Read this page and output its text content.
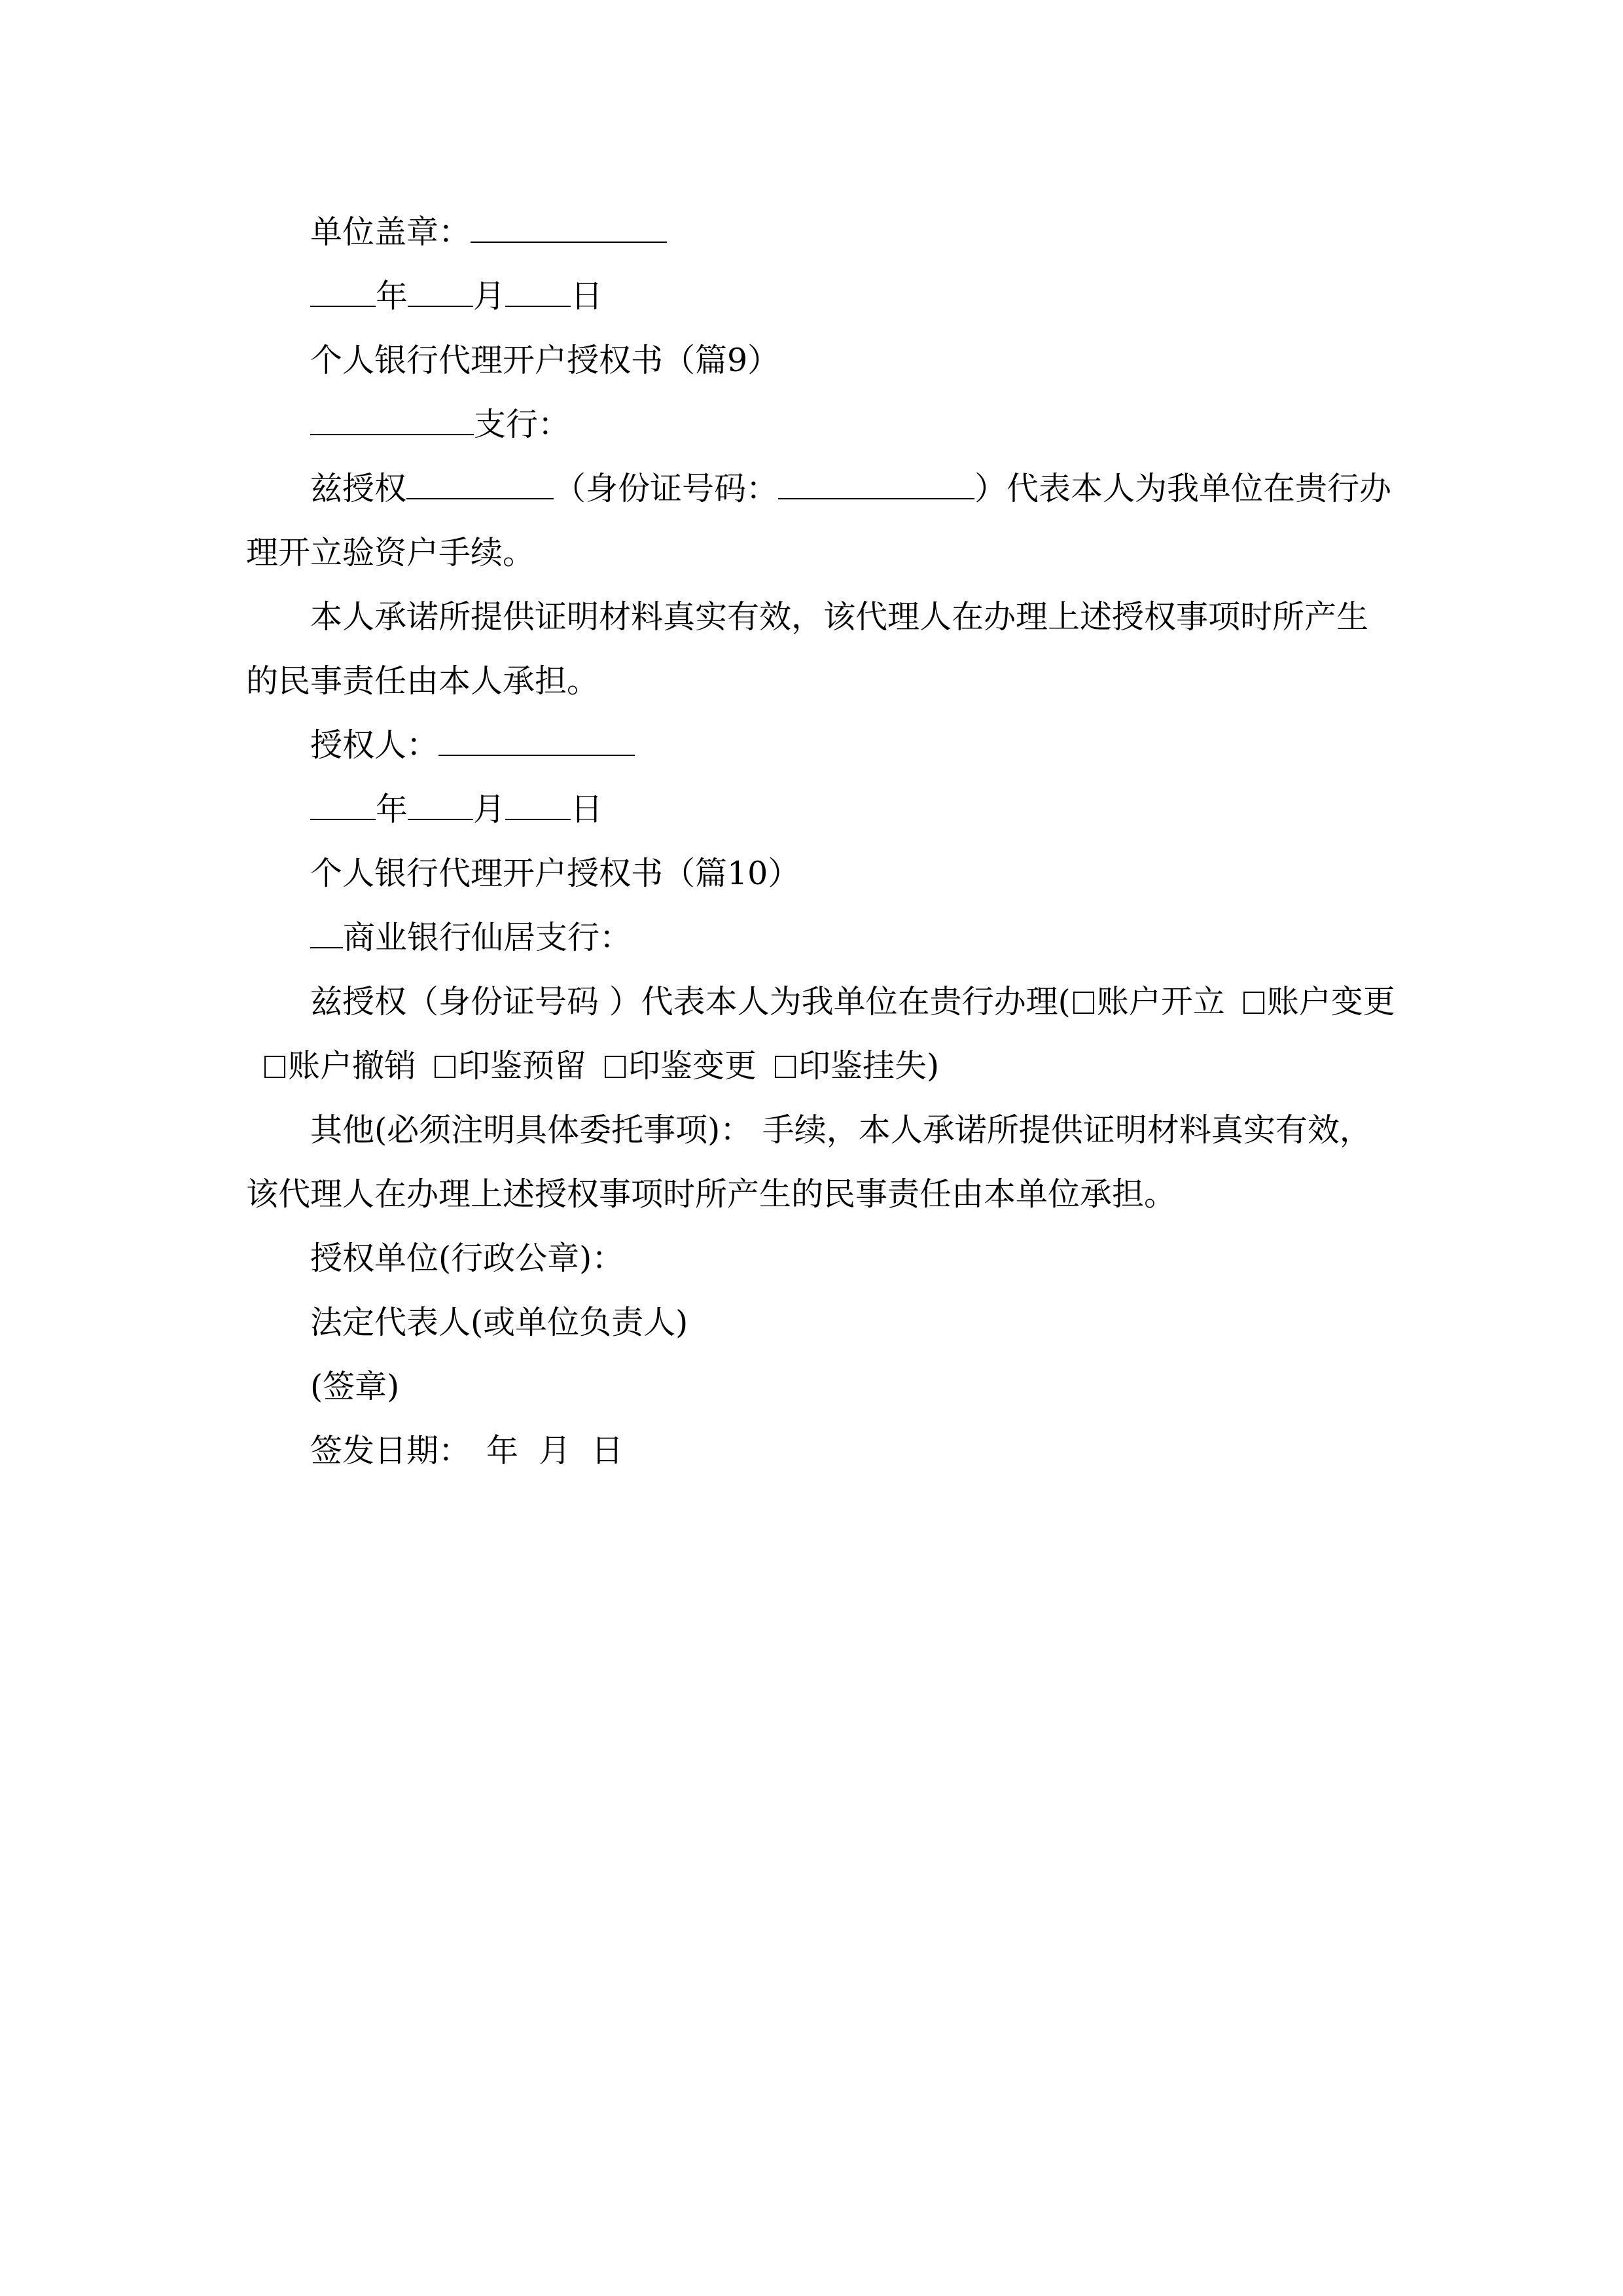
单位盖章：

年 月 日

个人银行代理开户授权书（篇9）

支行：

兹授权	（身份证号码：	）代表本人为我单位在贵行办理开立验资户手续。

本人承诺所提供证明材料真实有效，该代理人在办理上述授权事项时所产生的民事责任由本人承担。

授权人：

年 月 日

个人银行代理开户授权书（篇10）

商业银行仙居支行：

兹授权（身份证号码 ）代表本人为我单位在贵行办理( 账户开立 账户变更账户撤销 印鉴预留 印鉴变更 印鉴挂失)

其他(必须注明具体委托事项)： 手续，本人承诺所提供证明材料真实有效，该代理人在办理上述授权事项时所产生的民事责任由本单位承担。

授权单位(行政公章)：

法定代表人(或单位负责人)

(签章)

签发日期： 年  月  日
